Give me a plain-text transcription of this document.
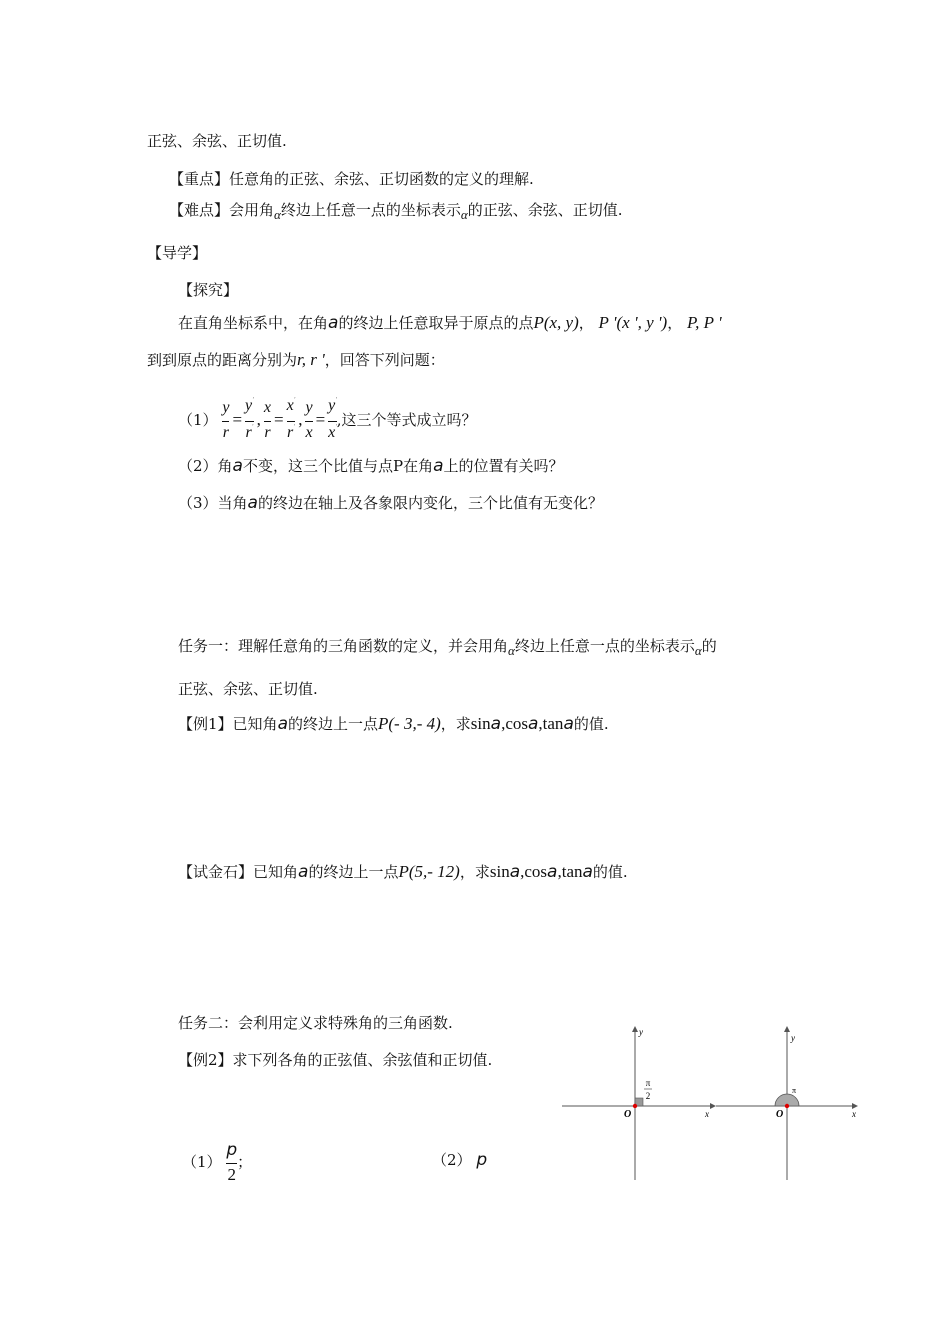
正弦、余弦、正切值.
【重点】任意角的正弦、余弦、正切函数的定义的理解.
【难点】会用角α终边上任意一点的坐标表示α的正弦、余弦、正切值.
【导学】
【探究】
在直角坐标系中，在角a的终边上任意取异于原点的点P(x, y)， P '(x ', y ')， P, P '
到到原点的距离分别为r, r '，回答下列问题：
$(1) \frac{y}{r} = \frac{y'}{r'}$ , $\frac{x}{r} = \frac{x'}{r'}$ , $\frac{y}{x} = \frac{y'}{x'}$ ,这三个等式成立吗？
（2）角a不变，这三个比值与点P在角a上的位置有关吗？
（3）当角a的终边在轴上及各象限内变化，三个比值有无变化？
任务一：理解任意角的三角函数的定义，并会用角α终边上任意一点的坐标表示α的
正弦、余弦、正切值.
【例1】已知角a的终边上一点P(- 3,- 4)，求sina,cosa,tana的值.
【试金石】已知角a的终边上一点P(5,- 12)，求sina,cosa,tana的值.
任务二：会利用定义求特殊角的三角函数.
【例2】求下列各角的正弦值、余弦值和正切值.
$(1) \frac{p}{2}$ ；	（2） p
y
x
O
π
2
y
x
O
π
